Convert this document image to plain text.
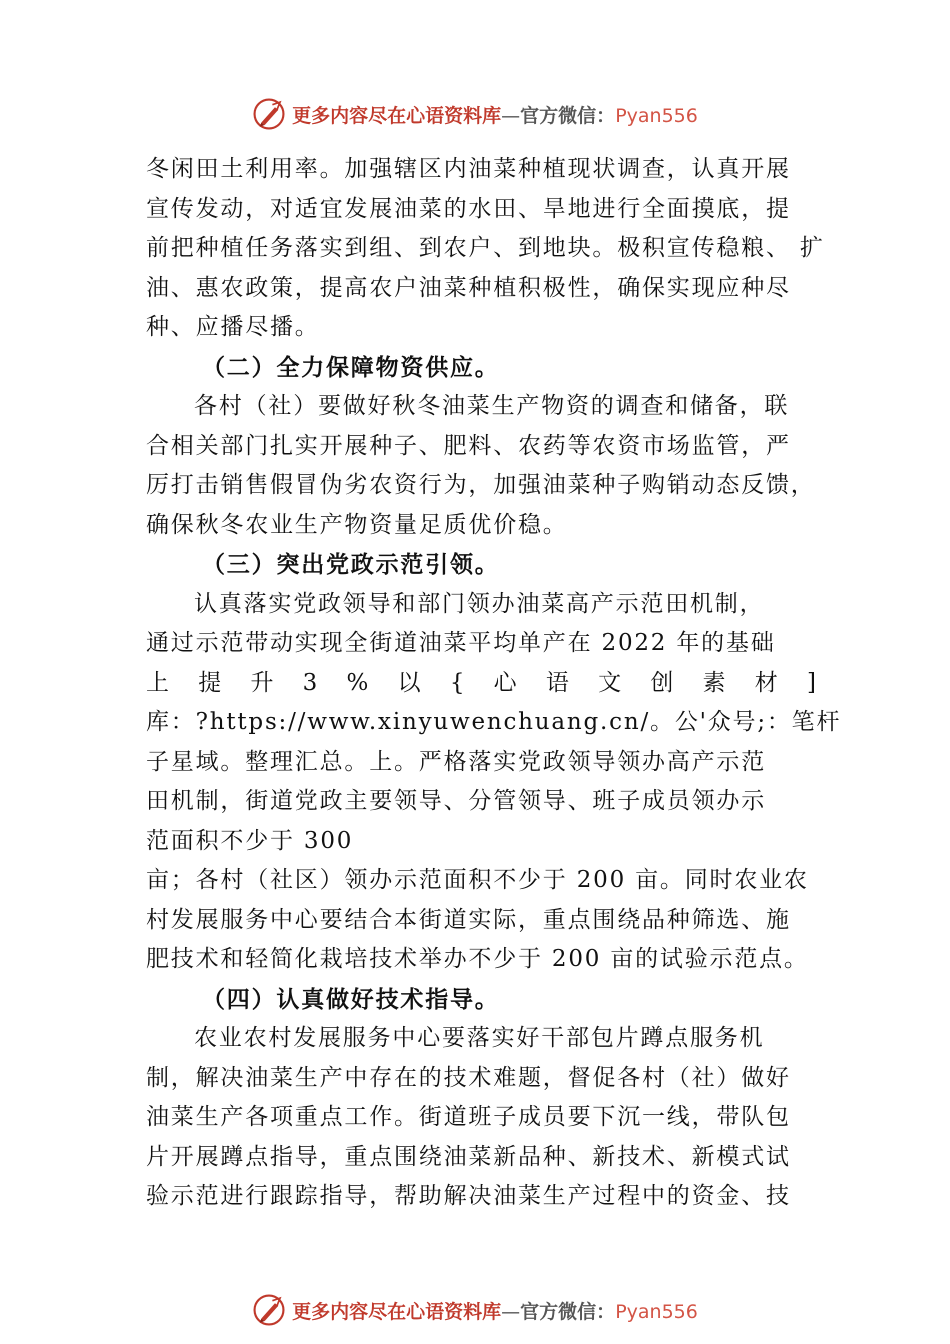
更多内容尽在心语资料库—官方微信：Pyan556
冬闲田土利用率。加强辖区内油菜种植现状调查，认真开展
宣传发动，对适宜发展油菜的水田、旱地进行全面摸底，提
前把种植任务落实到组、到农户、到地块。极积宣传稳粮、 扩
油、惠农政策，提高农户油菜种植积极性，确保实现应种尽
种、应播尽播。
（二）全力保障物资供应。
各村（社）要做好秋冬油菜生产物资的调查和储备，联
合相关部门扎实开展种子、肥料、农药等农资市场监管，严
厉打击销售假冒伪劣农资行为，加强油菜种子购销动态反馈，
确保秋冬农业生产物资量足质优价稳。
（三）突出党政示范引领。
认真落实党政领导和部门领办油菜高产示范田机制，
通过示范带动实现全街道油菜平均单产在 2022 年的基础
上 提 升 3 % 以 { 心 语 文 创 素 材 ]
库：?https://www.xinyuwenchuang.cn/。公'众号;：笔杆
子星域。整理汇总。上。严格落实党政领导领办高产示范
田机制，街道党政主要领导、分管领导、班子成员领办示
范面积不少于 300
亩；各村（社区）领办示范面积不少于 200 亩。同时农业农
村发展服务中心要结合本街道实际，重点围绕品种筛选、施
肥技术和轻简化栽培技术举办不少于 200 亩的试验示范点。
（四）认真做好技术指导。
农业农村发展服务中心要落实好干部包片蹲点服务机
制，解决油菜生产中存在的技术难题，督促各村（社）做好
油菜生产各项重点工作。街道班子成员要下沉一线，带队包
片开展蹲点指导，重点围绕油菜新品种、新技术、新模式试
验示范进行跟踪指导，帮助解决油菜生产过程中的资金、技
更多内容尽在心语资料库—官方微信：Pyan556
